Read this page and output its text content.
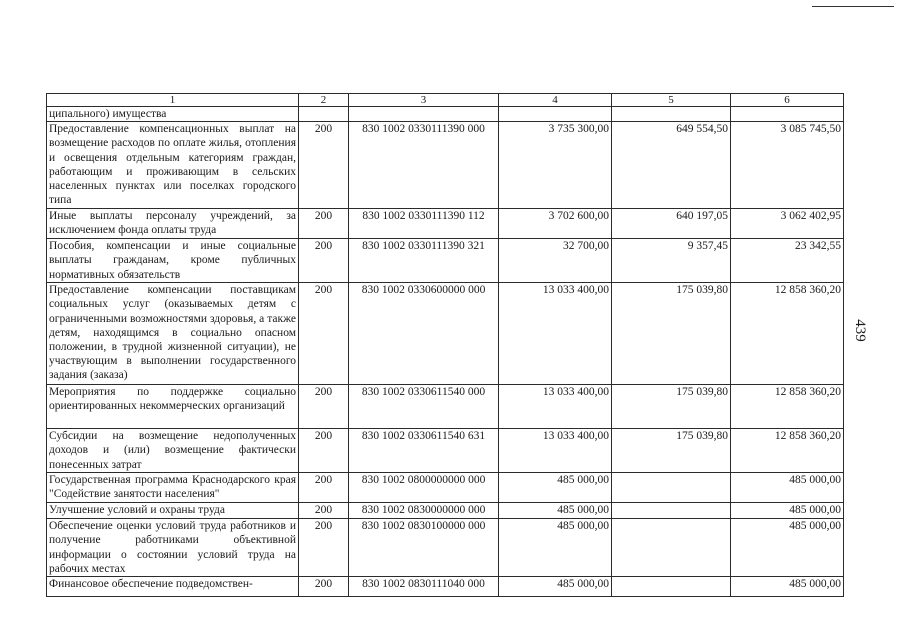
439
1	2	3	4	5	6
ципального) имущества					
Предоставление компенсационных выплат на возмещение расходов по оплате жилья, отопления и освещения отдельным категориям граждан, работающим и проживающим в сельских населенных пунктах или поселках городского типа	200	830 1002 0330111390 000	3 735 300,00	649 554,50	3 085 745,50
Иные выплаты персоналу учреждений, за исключением фонда оплаты труда	200	830 1002 0330111390 112	3 702 600,00	640 197,05	3 062 402,95
Пособия, компенсации и иные социальные выплаты гражданам, кроме публичных нормативных обязательств	200	830 1002 0330111390 321	32 700,00	9 357,45	23 342,55
Предоставление компенсации поставщикам социальных услуг (оказываемых детям с ограниченными возможностями здоровья, а также детям, находящимся в социально опасном положении, в трудной жизненной ситуации), не участвующим в выполнении государственного задания (заказа)	200	830 1002 0330600000 000	13 033 400,00	175 039,80	12 858 360,20
Мероприятия по поддержке социально ориентированных некоммерческих организаций	200	830 1002 0330611540 000	13 033 400,00	175 039,80	12 858 360,20
Субсидии на возмещение недополученных доходов и (или) возмещение фактически понесенных затрат	200	830 1002 0330611540 631	13 033 400,00	175 039,80	12 858 360,20
Государственная программа Краснодарского края "Содействие занятости населения"	200	830 1002 0800000000 000	485 000,00		485 000,00
Улучшение условий и охраны труда	200	830 1002 0830000000 000	485 000,00		485 000,00
Обеспечение оценки условий труда работников и получение работниками объективной информации о состоянии условий труда на рабочих местах	200	830 1002 0830100000 000	485 000,00		485 000,00
Финансовое обеспечение подведомствен-	200	830 1002 0830111040 000	485 000,00		485 000,00
